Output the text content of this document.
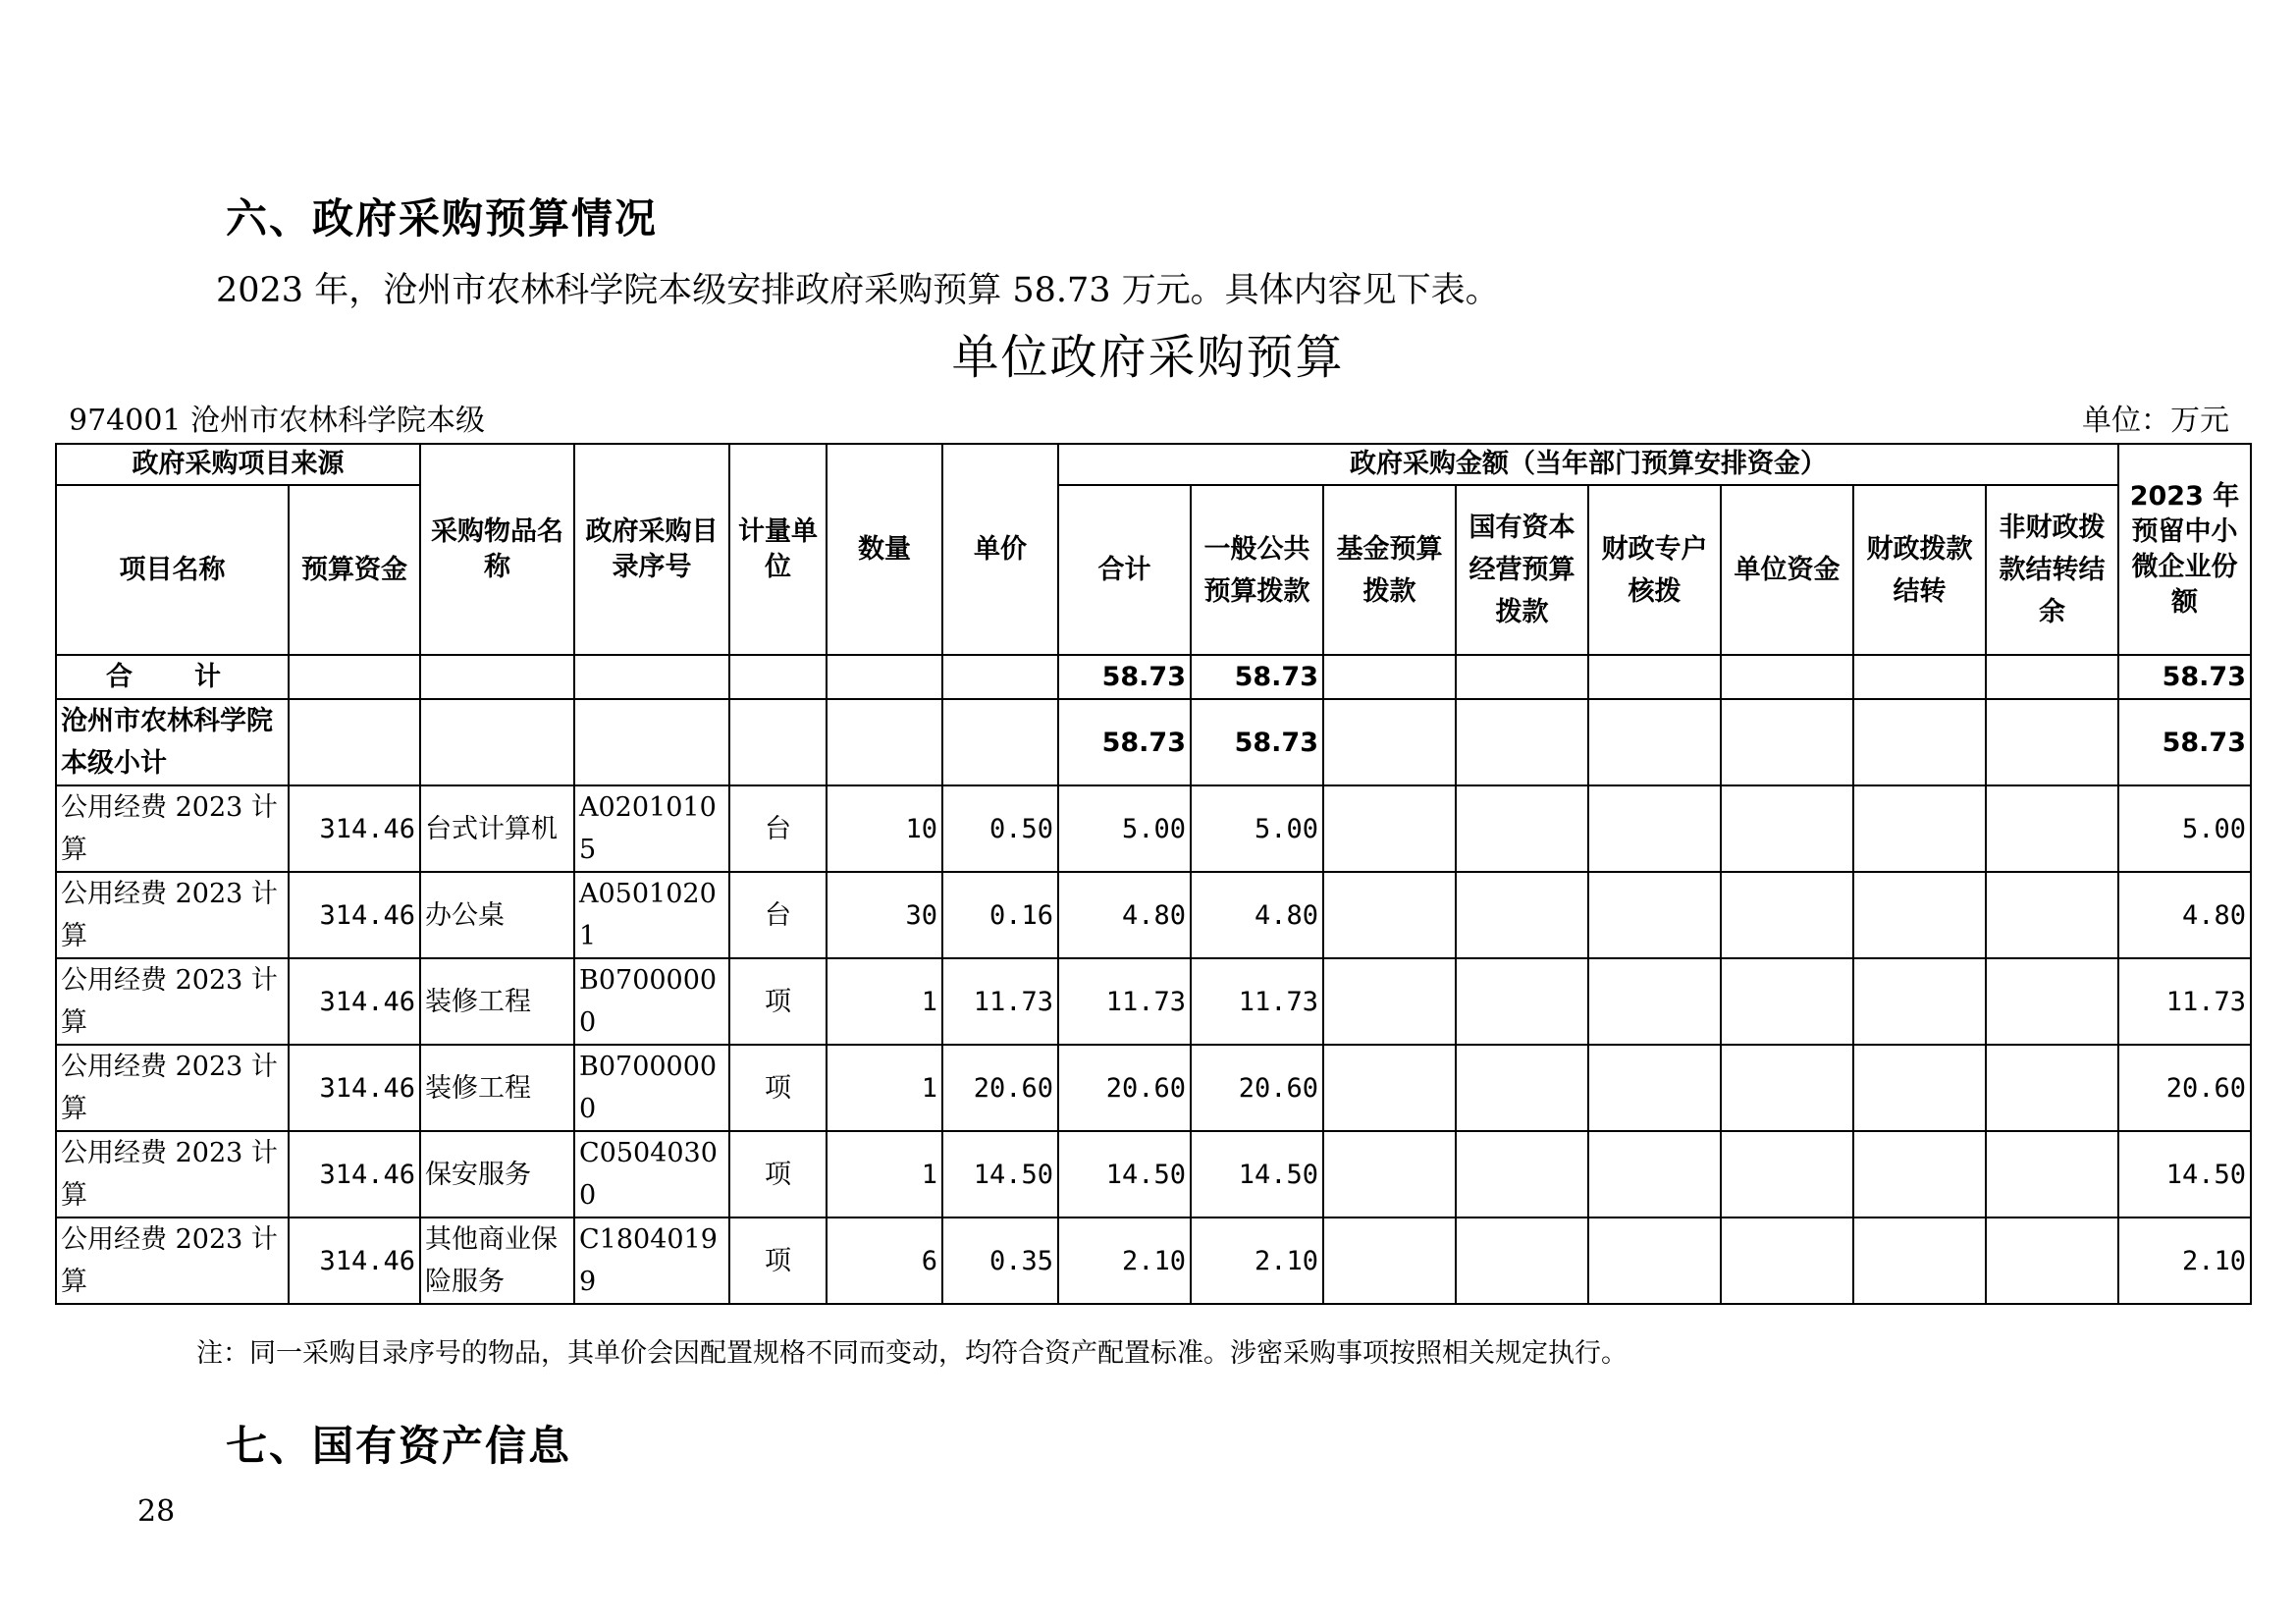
六、政府采购预算情况
2023 年，沧州市农林科学院本级安排政府采购预算 58.73 万元。具体内容见下表。
单位政府采购预算
974001 沧州市农林科学院本级	单位：万元
政府采购项目来源		采购物品名称	政府采购目录序号	计量单位	数量	单价	政府采购金额（当年部门预算安排资金）								2023 年预留中小微企业份额
项目名称	预算资金						合计	一般公共预算拨款	基金预算拨款	国有资本经营预算拨款	财政专户核拨	单位资金	财政拨款结转	非财政拨款结转结余	
合　计							58.73	58.73							58.73
沧州市农林科学院本级小计							58.73	58.73							58.73
公用经费 2023 计算	314.46	台式计算机	A02010105	台	10	0.50	5.00	5.00							5.00
公用经费 2023 计算	314.46	办公桌	A05010201	台	30	0.16	4.80	4.80							4.80
公用经费 2023 计算	314.46	装修工程	B07000000	项	1	11.73	11.73	11.73							11.73
公用经费 2023 计算	314.46	装修工程	B07000000	项	1	20.60	20.60	20.60							20.60
公用经费 2023 计算	314.46	保安服务	C05040300	项	1	14.50	14.50	14.50							14.50
公用经费 2023 计算	314.46	其他商业保险服务	C18040199	项	6	0.35	2.10	2.10							2.10
注：同一采购目录序号的物品，其单价会因配置规格不同而变动，均符合资产配置标准。涉密采购事项按照相关规定执行。
七、国有资产信息
28
